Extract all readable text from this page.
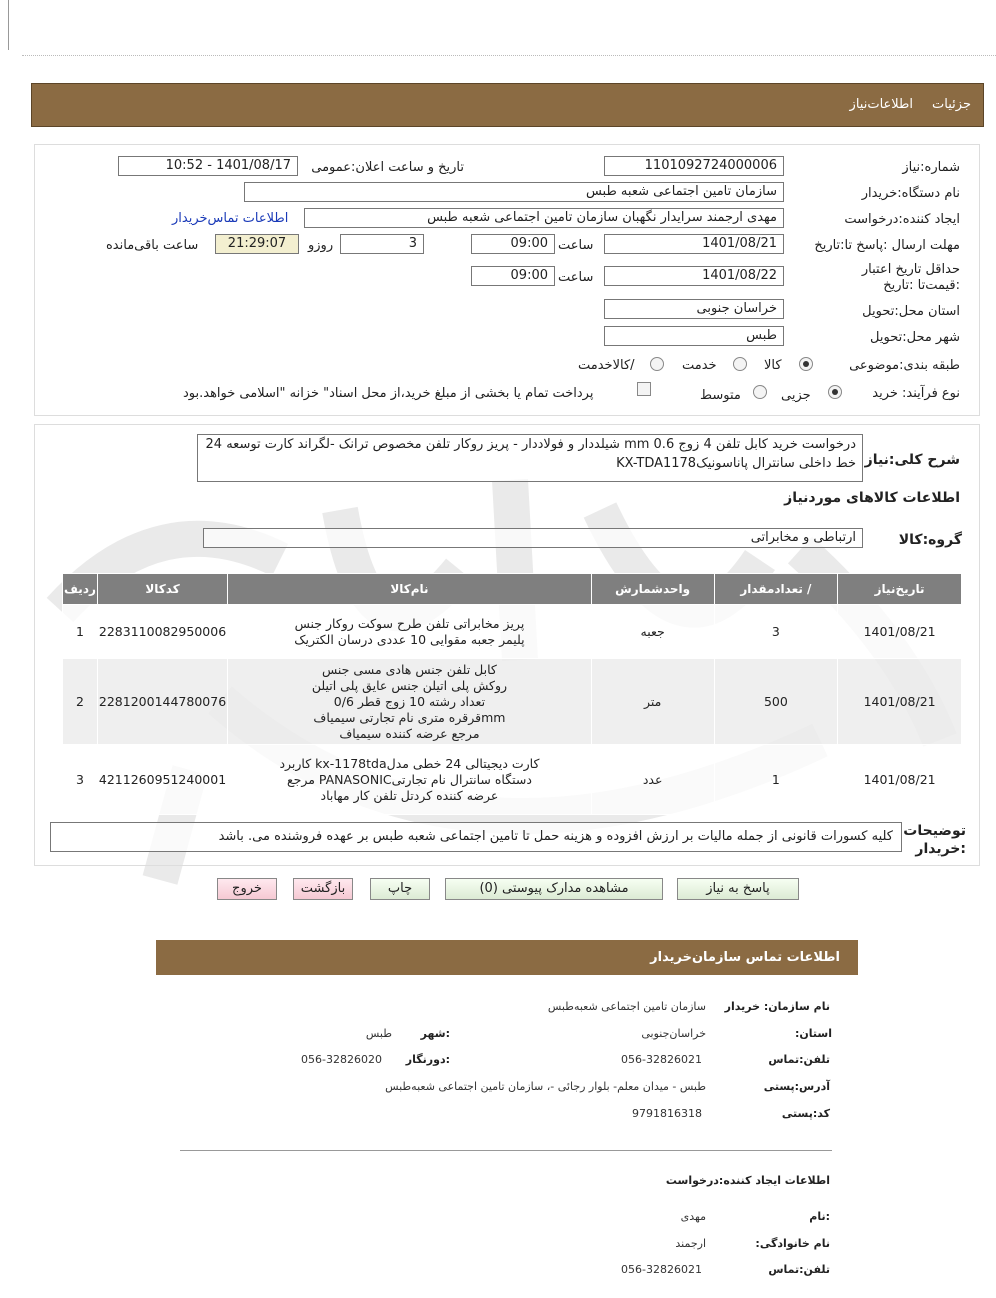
جزئیات
اطلاعات‌نیاز
شماره:نیاز
1101092724000006
تاریخ و ساعت اعلان:عمومی
1401/08/17 - 10:52
نام دستگاه:خریدار
سازمان تامین اجتماعی شعبه طبس
ایجاد کننده:درخواست
مهدی ارجمند سرایدار نگهبان سازمان تامین اجتماعی شعبه طبس
اطلاعات تماس‌خریدار
مهلت ارسال :پاسخ تا:تاریخ
1401/08/21
ساعت
09:00
3
روزو
21:29:07
ساعت باقی‌مانده
حداقل تاریخ اعتبار :قیمت‌تا :تاریخ
1401/08/22
ساعت
09:00
استان محل:تحویل
خراسان جنوبی
شهر محل:تحویل
طبس
طبقه بندی:موضوعی
کالا
خدمت
/کالاخدمت
نوع فرآیند: خرید
جزیی
متوسط
پرداخت تمام یا بخشی از مبلغ خرید،از محل اسناد" خزانه "اسلامی خواهد.بود
شرح کلی:نیاز
درخواست خرید کابل تلفن 4 زوج mm 0.6 شیلددار و فولاددار - پریز روکار تلفن مخصوص ترانک -لگراند کارت توسعه 24 خط داخلی سانترال پاناسونیکKX-TDA1178
اطلاعات کالاهای موردنیاز
گروه:کالا
ارتباطی و مخابراتی
تاریخ‌نیاز	/ تعدادمقدار	واحدشمارش	نام‌کالا	کدکالا	ردیف
1401/08/21	3	جعبه	پریز مخابراتی تلفن طرح سوکت روکار جنس پلیمر جعبه مقوایی 10 عددی درسان الکتریک	2283110082950006	1
1401/08/21	500	متر	کابل تلفن جنس هادی مسی جنس روکش پلی اتیلن جنس عایق پلی اتیلن تعداد رشته 10 زوج قطر 0/6 mmقرقره متری نام تجارتی سیمیاف مرجع عرضه کننده سیمیاف	2281200144780076	2
1401/08/21	1	عدد	کارت دیجیتالی 24 خطی مدلkx-1178tda کاربرد دستگاه سانترال نام تجارتیPANASONIC مرجع عرضه کننده کردتل تلفن کار مهاباد	4211260951240001	3
توضیحات :خریدار
کلیه کسورات قانونی از جمله مالیات بر ارزش افزوده و هزینه حمل تا تامین اجتماعی شعبه طبس بر عهده فروشنده می. باشد
پاسخ به نیاز
مشاهده مدارک پیوستی (0)
چاپ
بازگشت
خروج
اطلاعات تماس سازمان‌خریدار
نام سازمان: خریدار
سازمان تامین اجتماعی شعبه‌طبس
استان:
خراسان‌جنوبی
:شهر
طبس
تلفن:تماس
056-32826021
:دورنگار
056-32826020
آدرس:پستی
طبس - میدان معلم- بلوار رجائی -، سازمان تامین اجتماعی شعبه‌طبس
کد:پستی
9791816318
اطلاعات ایجاد کننده:درخواست
:نام
مهدی
نام خانوادگی:
ارجمند
تلفن:تماس
056-32826021
